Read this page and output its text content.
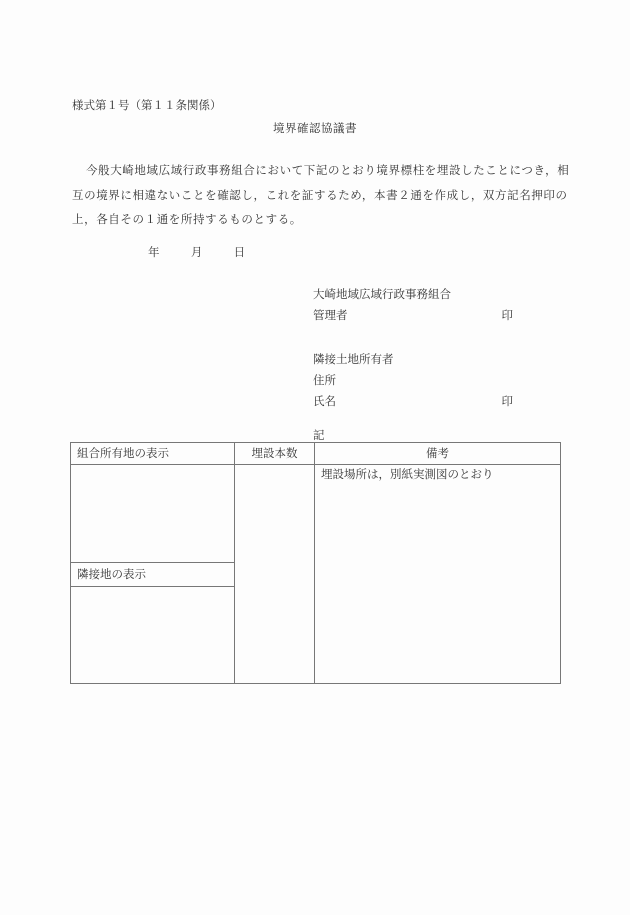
様式第１号（第１１条関係）
境界確認協議書
今般大崎地域広域行政事務組合において下記のとおり境界標柱を埋設したことにつき，相互の境界に相違ないことを確認し，これを証するため，本書２通を作成し，双方記名押印の上，各自その１通を所持するものとする。
年	月	日
大崎地域広域行政事務組合
管理者	印
隣接土地所有者
住所
氏名	印
記
組合所有地の表示	埋設本数	備考
		埋設場所は，別紙実測図のとおり
隣接地の表示		
